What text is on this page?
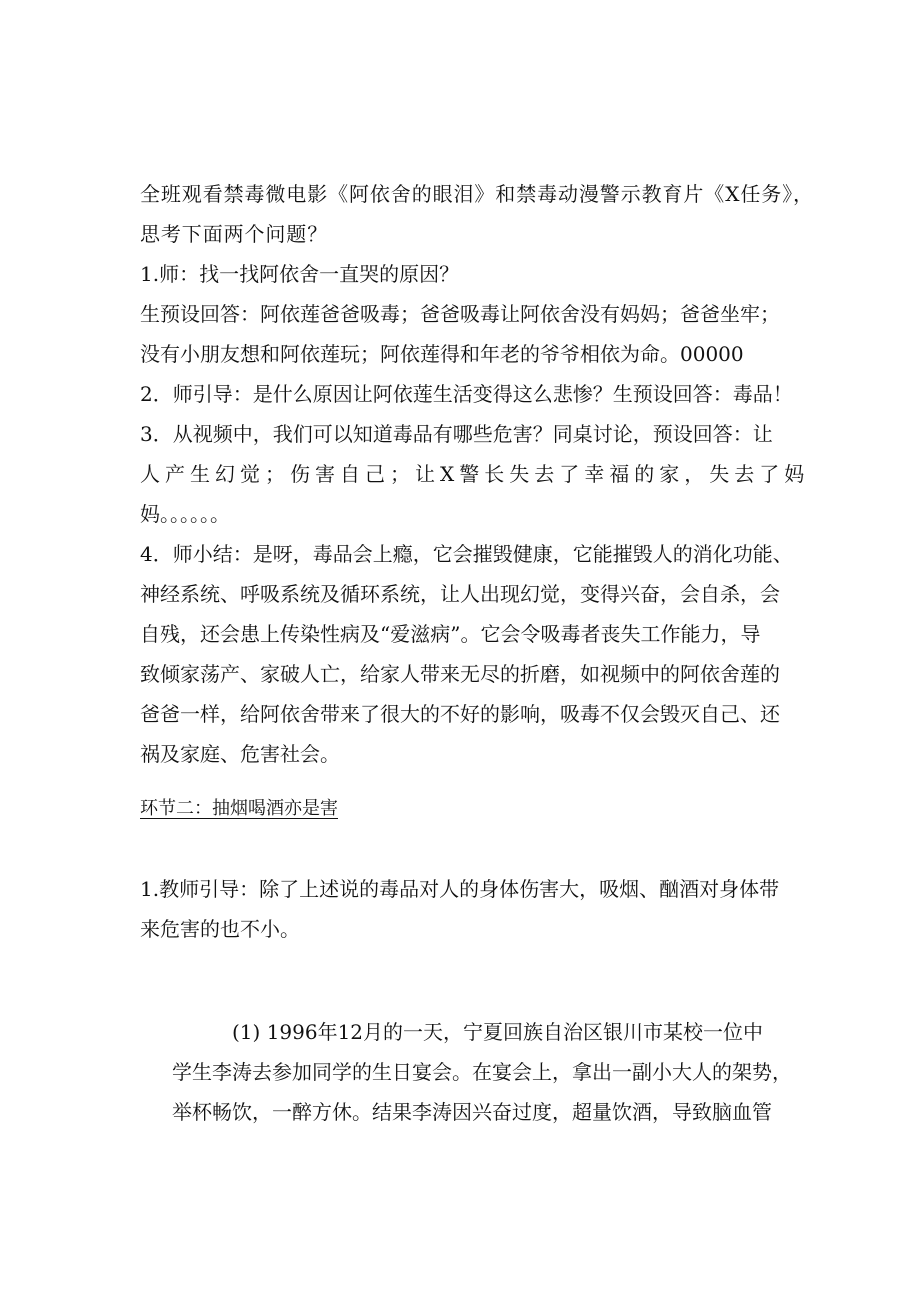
全班观看禁毒微电影《阿依舍的眼泪》和禁毒动漫警示教育片《X任务》，
思考下面两个问题？
1.师：找一找阿依舍一直哭的原因？
生预设回答：阿依莲爸爸吸毒；爸爸吸毒让阿依舍没有妈妈；爸爸坐牢；
没有小朋友想和阿依莲玩；阿依莲得和年老的爷爷相依为命。00000
2．师引导：是什么原因让阿依莲生活变得这么悲惨？生预设回答：毒品！
3．从视频中，我们可以知道毒品有哪些危害？同桌讨论，预设回答：让
人产生幻觉；伤害自己；让X警长失去了幸福的家，失去了妈
妈。。。。。。
4．师小结：是呀，毒品会上瘾，它会摧毁健康，它能摧毁人的消化功能、
神经系统、呼吸系统及循环系统，让人出现幻觉，变得兴奋，会自杀，会
自残，还会患上传染性病及“爱滋病”。它会令吸毒者丧失工作能力，导
致倾家荡产、家破人亡，给家人带来无尽的折磨，如视频中的阿依舍莲的
爸爸一样，给阿依舍带来了很大的不好的影响，吸毒不仅会毁灭自己、还
祸及家庭、危害社会。
环节二：抽烟喝酒亦是害
1.教师引导：除了上述说的毒品对人的身体伤害大，吸烟、酗酒对身体带
来危害的也不小。
(1) 1996年12月的一天，宁夏回族自治区银川市某校一位中
学生李涛去参加同学的生日宴会。在宴会上，拿出一副小大人的架势，
举杯畅饮，一醉方休。结果李涛因兴奋过度，超量饮酒，导致脑血管
